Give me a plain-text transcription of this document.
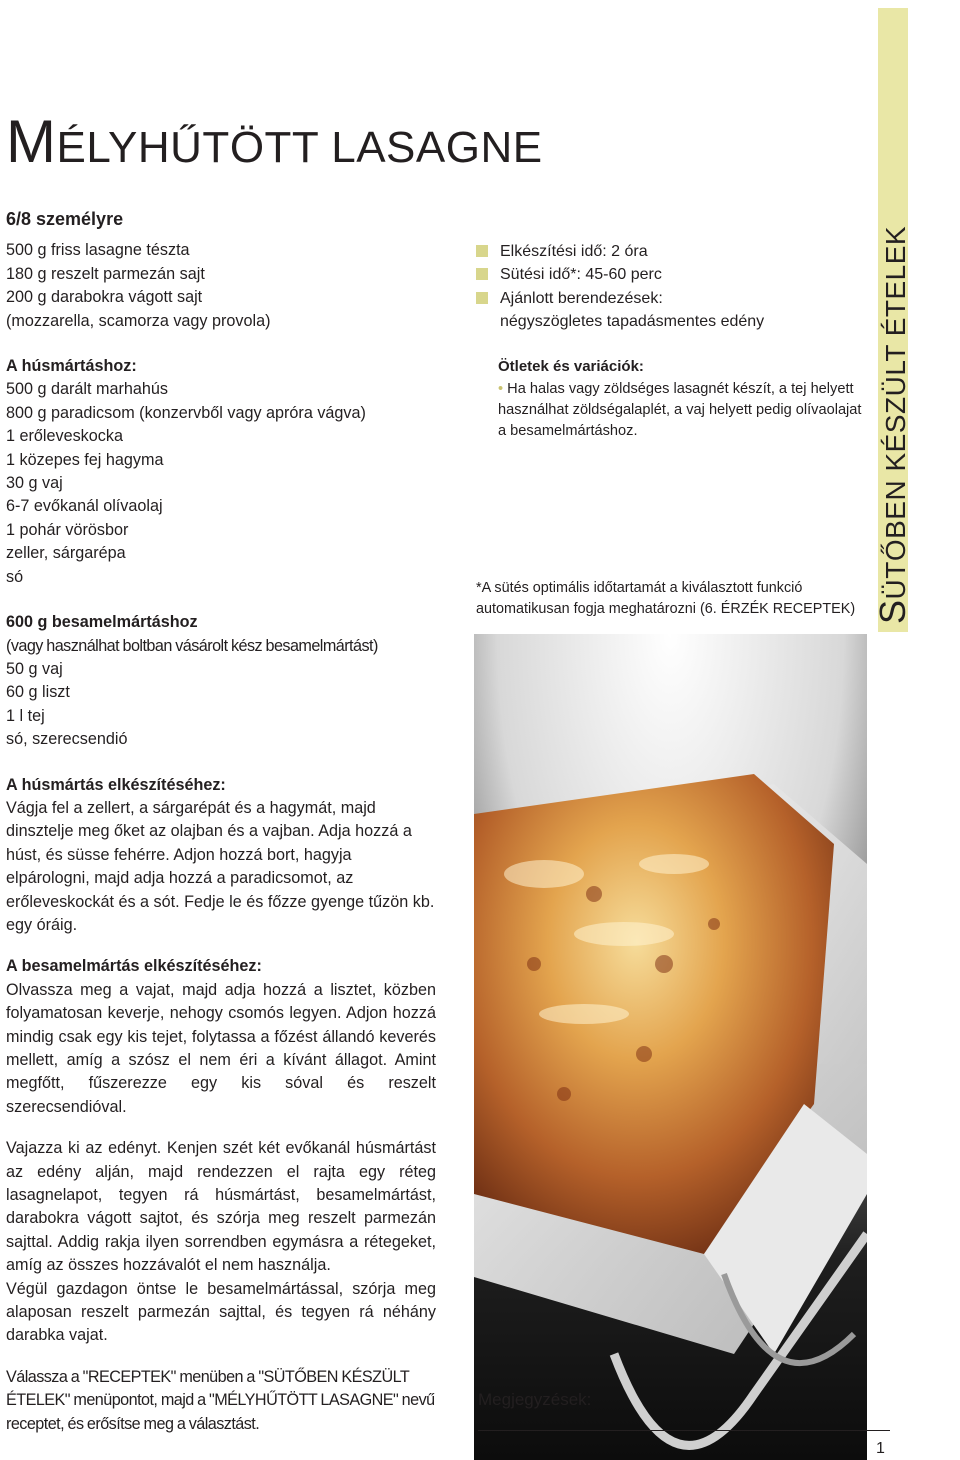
MÉLYHŰTÖTT LASAGNE
6/8 személyre
500 g friss lasagne tészta
180 g reszelt parmezán sajt
200 g darabokra vágott sajt
(mozzarella, scamorza vagy provola)
A húsmártáshoz:
500 g darált marhahús
800 g paradicsom (konzervből vagy apróra vágva)
1 erőleveskocka
1 közepes fej hagyma
30 g vaj
6-7 evőkanál olívaolaj
1 pohár vörösbor
zeller, sárgarépa
só
600 g besamelmártáshoz
(vagy használhat boltban vásárolt kész besamelmártást)
50 g vaj
60 g liszt
1 l tej
só, szerecsendió
A húsmártás elkészítéséhez:
Vágja fel a zellert, a sárgarépát és a hagymát, majd dinsztelje meg őket az olajban és a vajban. Adja hozzá a húst, és süsse fehérre. Adjon hozzá bort, hagyja elpárologni, majd adja hozzá a paradicsomot, az erőleveskockát és a sót. Fedje le és főzze gyenge tűzön kb. egy óráig.
A besamelmártás elkészítéséhez:
Olvassza meg a vajat, majd adja hozzá a lisztet, közben folyamatosan keverje, nehogy csomós legyen. Adjon hozzá mindig csak egy kis tejet, folytassa a főzést állandó keverés mellett, amíg a szósz el nem éri a kívánt állagot. Amint megfőtt, fűszerezze egy kis sóval és reszelt szerecsendióval.
Vajazza ki az edényt. Kenjen szét két evőkanál húsmártást az edény alján, majd rendezzen el rajta egy réteg lasagnelapot, tegyen rá húsmártást, besamelmártást, darabokra vágott sajtot, és szórja meg reszelt parmezán sajttal. Addig rakja ilyen sorrendben egymásra a rétegeket, amíg az összes hozzávalót el nem használja.
Végül gazdagon öntse le besamelmártással, szórja meg alaposan reszelt parmezán sajttal, és tegyen rá néhány darabka vajat.
Válassza a "RECEPTEK" menüben a "SÜTŐBEN KÉSZÜLT ÉTELEK" menüpontot, majd a "MÉLYHŰTÖTT LASAGNE" nevű receptet, és erősítse meg a választást.
Elkészítési idő: 2 óra
Sütési idő*: 45-60 perc
Ajánlott berendezések:
négyszögletes tapadásmentes edény
Ötletek és variációk:
• Ha halas vagy zöldséges lasagnét készít, a tej helyett használhat zöldségalaplét, a vaj helyett pedig olívaolajat a besamelmártáshoz.
*A sütés optimális időtartamát a kiválasztott funkció automatikusan fogja meghatározni (6. ÉRZÉK RECEPTEK) SÜTŐBEN KÉSZÜLT ÉTELEK
Megjegyzések:
1
